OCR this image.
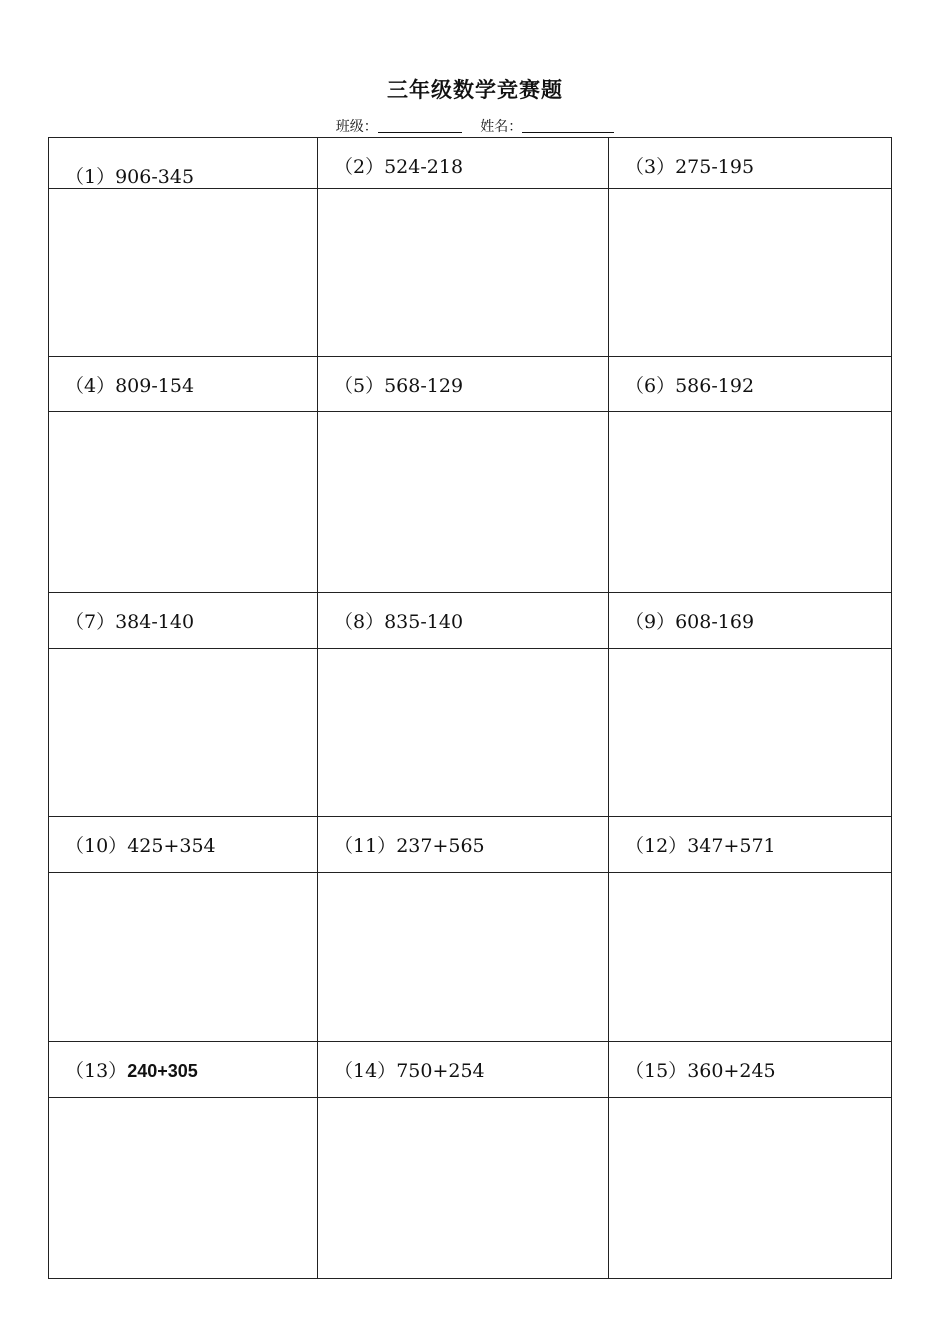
三年级数学竞赛题
班级：	姓名：
（1）906-345	（2）524-218	（3）275-195

（4）809-154	（5）568-129	（6）586-192

（7）384-140	（8）835-140	（9）608-169

（10）425+354	（11）237+565	（12）347+571

（13）240+305	（14）750+254	（15）360+245
